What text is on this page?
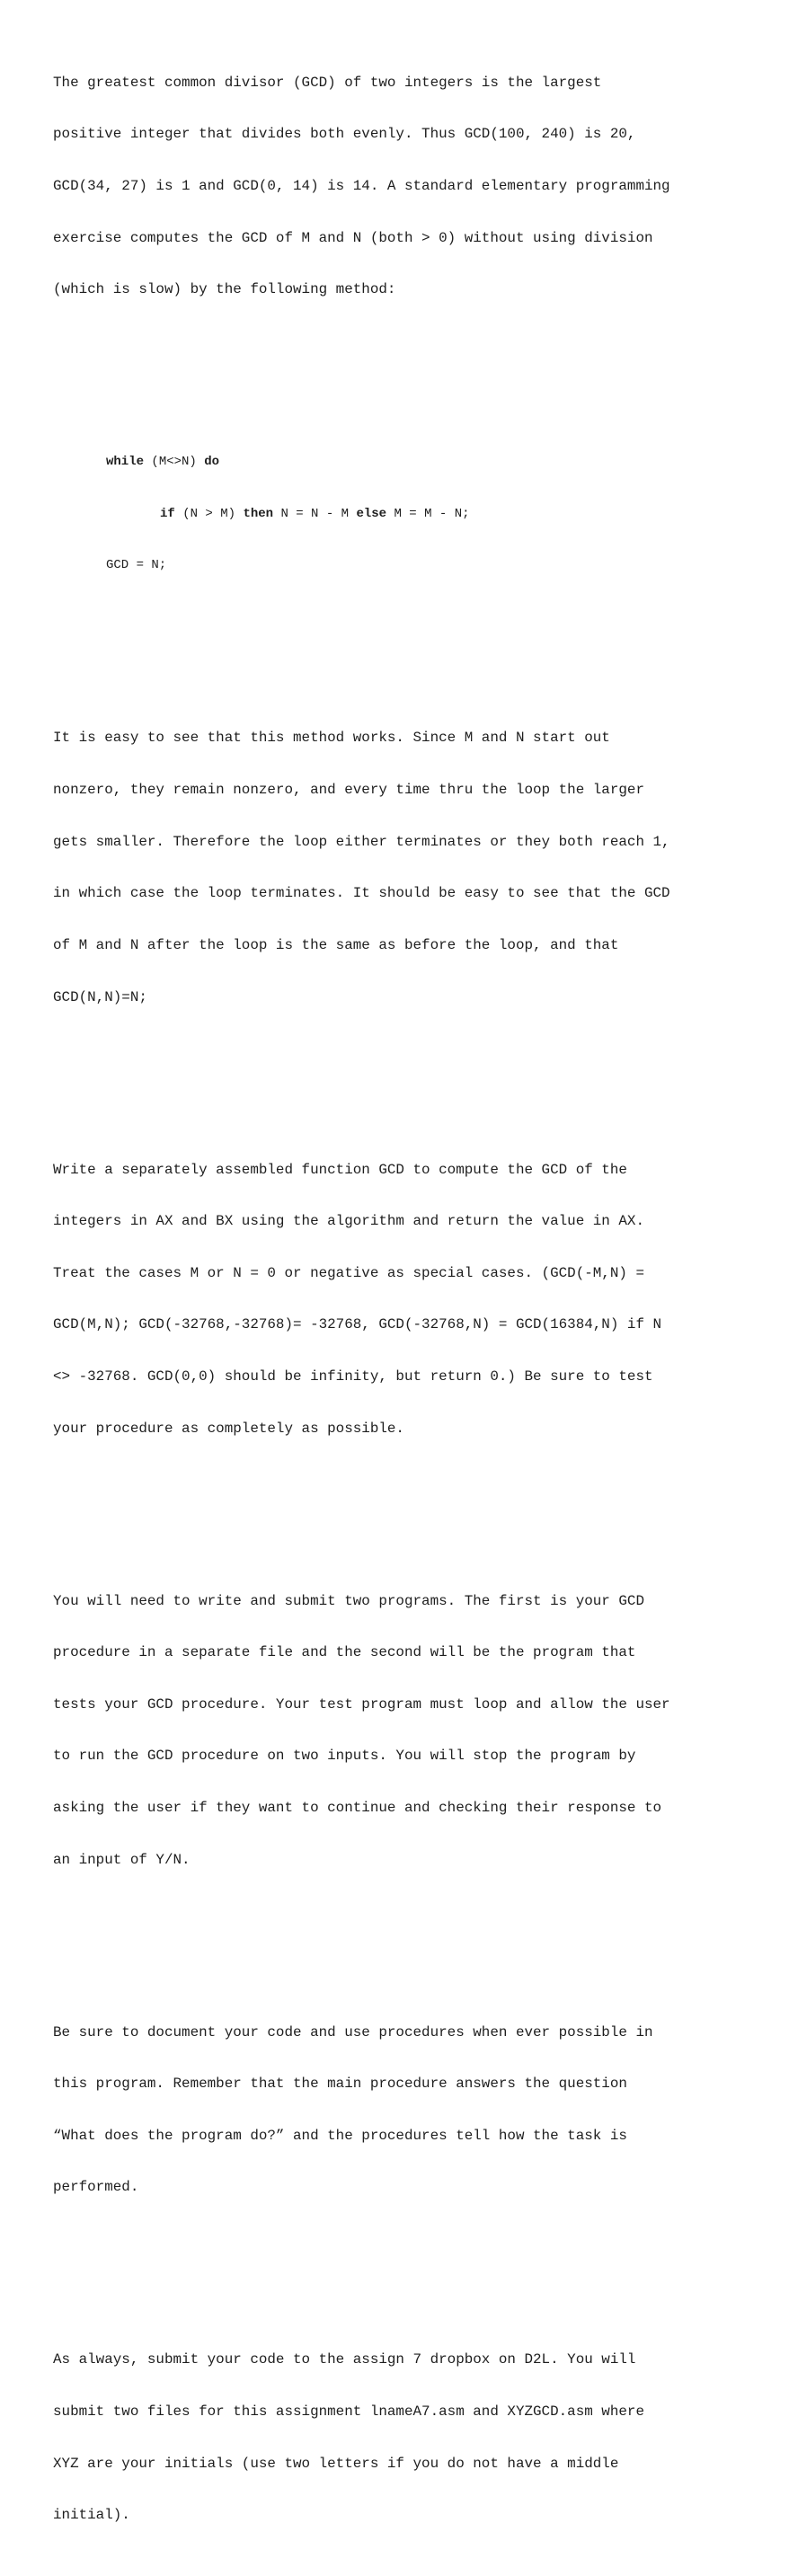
The greatest common divisor (GCD) of two integers is the largest

positive integer that divides both evenly. Thus GCD(100, 240) is 20,

GCD(34, 27) is 1 and GCD(0, 14) is 14. A standard elementary programming

exercise computes the GCD of M and N (both > 0) without using division

(which is slow) by the following method:

while (M<>N) do

if (N > M) then N = N - M else M = M - N;

GCD = N;

It is easy to see that this method works. Since M and N start out

nonzero, they remain nonzero, and every time thru the loop the larger

gets smaller. Therefore the loop either terminates or they both reach 1,

in which case the loop terminates. It should be easy to see that the GCD

of M and N after the loop is the same as before the loop, and that

GCD(N,N)=N;

Write a separately assembled function GCD to compute the GCD of the

integers in AX and BX using the algorithm and return the value in AX.

Treat the cases M or N = 0 or negative as special cases. (GCD(-M,N) =

GCD(M,N); GCD(-32768,-32768)= -32768, GCD(-32768,N) = GCD(16384,N) if N

<> -32768. GCD(0,0) should be infinity, but return 0.) Be sure to test

your procedure as completely as possible.

You will need to write and submit two programs. The first is your GCD

procedure in a separate file and the second will be the program that

tests your GCD procedure. Your test program must loop and allow the user

to run the GCD procedure on two inputs. You will stop the program by

asking the user if they want to continue and checking their response to

an input of Y/N.

Be sure to document your code and use procedures when ever possible in

this program. Remember that the main procedure answers the question

“What does the program do?” and the procedures tell how the task is

performed.

As always, submit your code to the assign 7 dropbox on D2L. You will

submit two files for this assignment lnameA7.asm and XYZGCD.asm where

XYZ are your initials (use two letters if you do not have a middle

initial).
